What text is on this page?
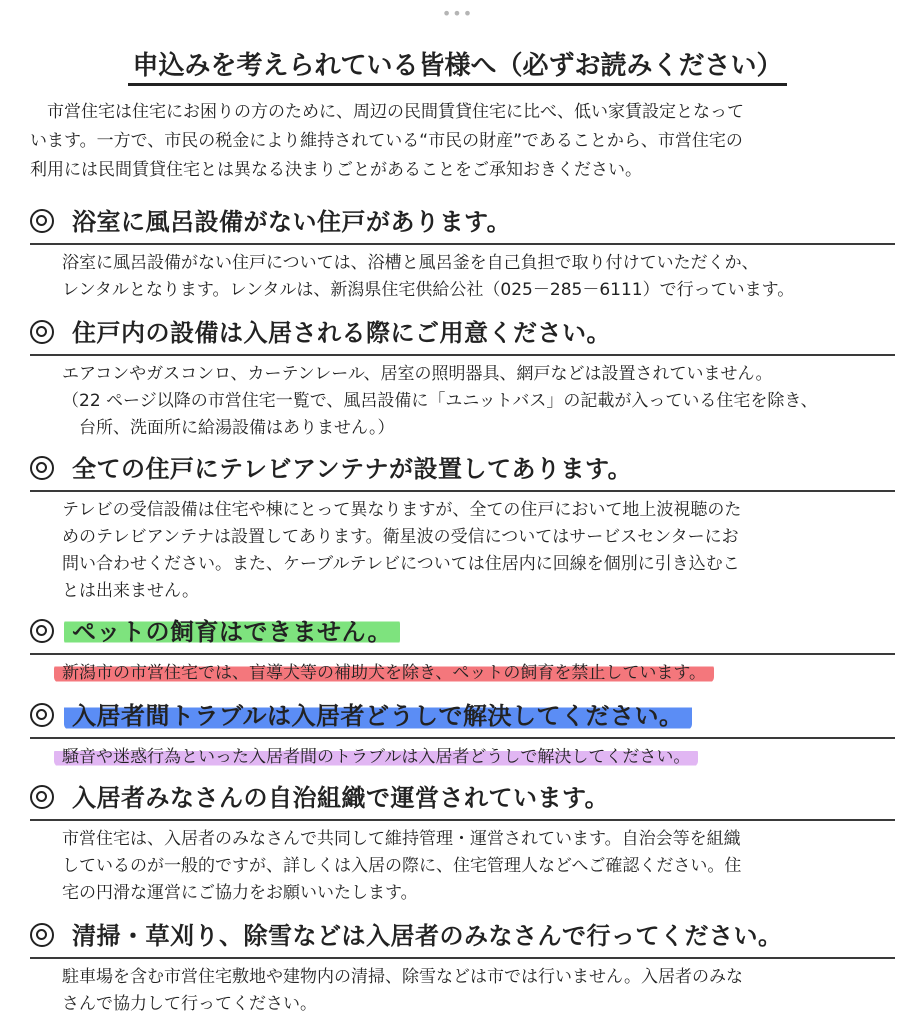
•••
申込みを考えられている皆様へ（必ずお読みください）
　市営住宅は住宅にお困りの方のために、周辺の民間賃貸住宅に比べ、低い家賃設定となって
います。一方で、市民の税金により維持されている“市民の財産”であることから、市営住宅の
利用には民間賃貸住宅とは異なる決まりごとがあることをご承知おきください。
浴室に風呂設備がない住戸があります。
浴室に風呂設備がない住戸については、浴槽と風呂釜を自己負担で取り付けていただくか、
レンタルとなります。レンタルは、新潟県住宅供給公社（025－285－6111）で行っています。
住戸内の設備は入居される際にご用意ください。
エアコンやガスコンロ、カーテンレール、居室の照明器具、網戸などは設置されていません。
（22 ページ以降の市営住宅一覧で、風呂設備に「ユニットバス」の記載が入っている住宅を除き、
　台所、洗面所に給湯設備はありません。）
全ての住戸にテレビアンテナが設置してあります。
テレビの受信設備は住宅や棟にとって異なりますが、全ての住戸において地上波視聴のた
めのテレビアンテナは設置してあります。衛星波の受信についてはサービスセンターにお
問い合わせください。また、ケーブルテレビについては住居内に回線を個別に引き込むこ
とは出来ません。
ペットの飼育はできません。
新潟市の市営住宅では、盲導犬等の補助犬を除き、ペットの飼育を禁止しています。
入居者間トラブルは入居者どうしで解決してください。
騒音や迷惑行為といった入居者間のトラブルは入居者どうしで解決してください。
入居者みなさんの自治組織で運営されています。
市営住宅は、入居者のみなさんで共同して維持管理・運営されています。自治会等を組織
しているのが一般的ですが、詳しくは入居の際に、住宅管理人などへご確認ください。住
宅の円滑な運営にご協力をお願いいたします。
清掃・草刈り、除雪などは入居者のみなさんで行ってください。
駐車場を含む市営住宅敷地や建物内の清掃、除雪などは市では行いません。入居者のみな
さんで協力して行ってください。
